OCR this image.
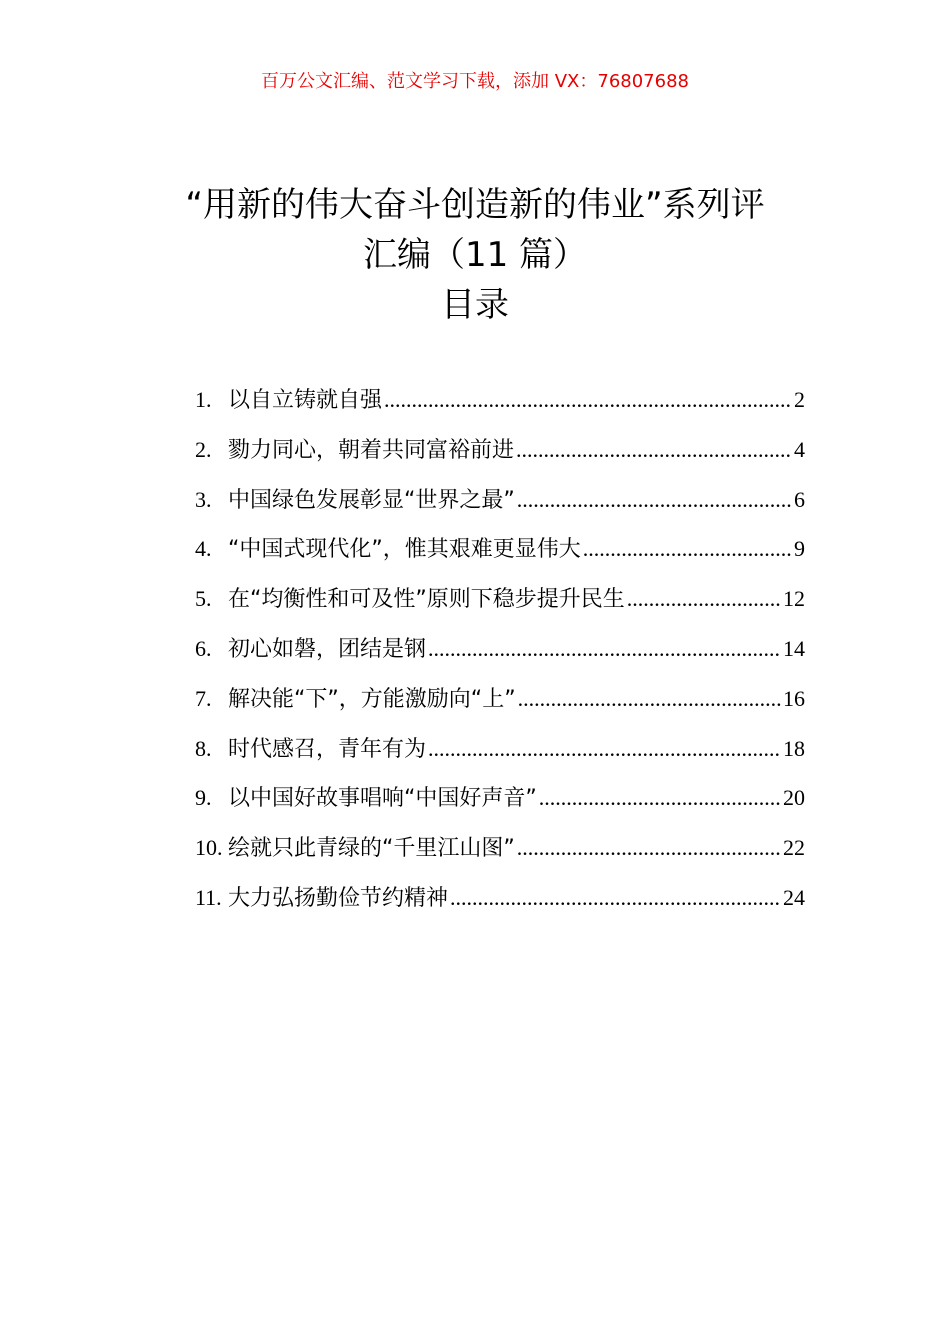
百万公文汇编、范文学习下载，添加 VX：76807688
“用新的伟大奋斗创造新的伟业”系列评
汇编（11 篇）
目录
1. 以自立铸就自强 .....	2
2. 勠力同心，朝着共同富裕前进 .....	4
3. 中国绿色发展彰显“世界之最” .....	6
4. “中国式现代化”，惟其艰难更显伟大 .....	9
5. 在“均衡性和可及性”原则下稳步提升民生 .....	12
6. 初心如磐，团结是钢 .....	14
7. 解决能“下”，方能激励向“上” .....	16
8. 时代感召，青年有为 .....	18
9. 以中国好故事唱响“中国好声音” .....	20
10. 绘就只此青绿的“千里江山图” .....	22
11. 大力弘扬勤俭节约精神 .....	24
